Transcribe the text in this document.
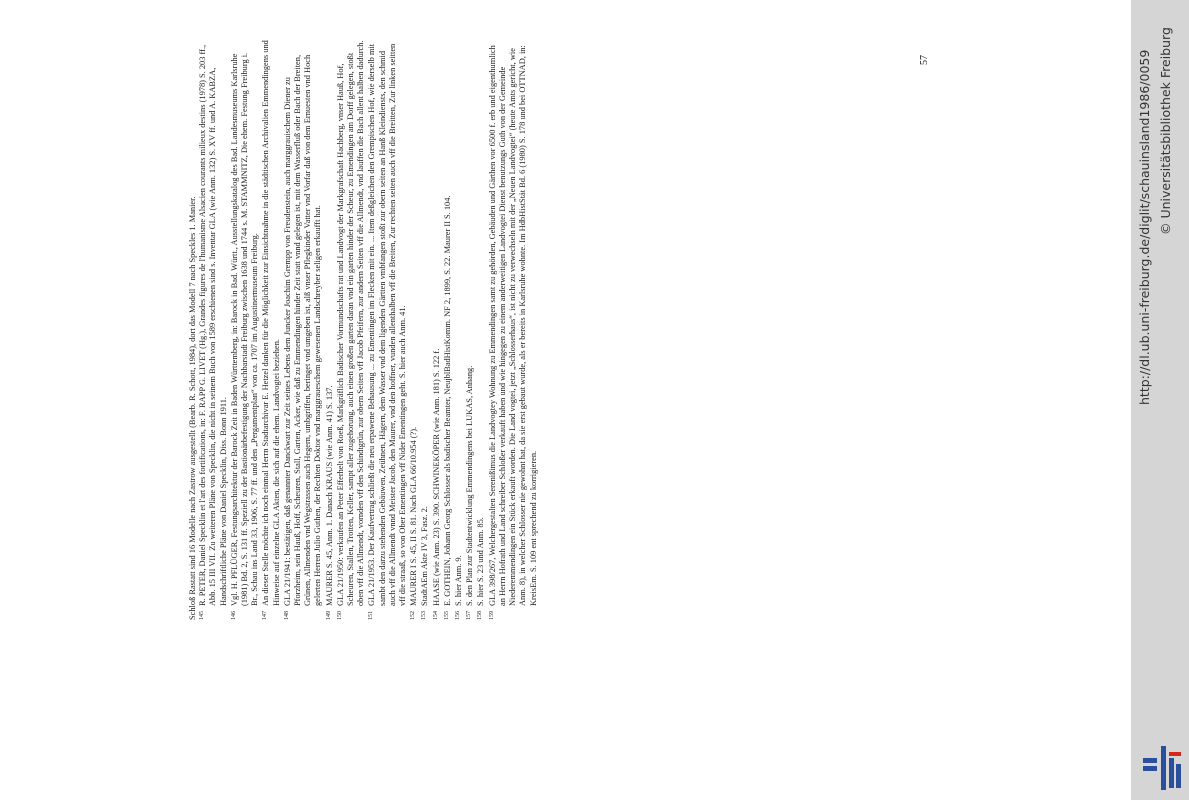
Schloß Rastatt sind 16 Modelle nach Zastrow ausgestellt (Bearb. R. Schott, 1984), dort das Modell 7 nach Speckles 1. Manier. 145
R. PETER, Daniel Specklin et l'art des fortifications, in: F. RAPP G. LIVET (Hg.), Grandes figures de l'humanisme Alsacien courants milieux destins (1978) S. 203 ff., Abb. 15 III VII. Zu weiteren Pläne von Specklin, die nicht in seinem Buch von 1589 erschienen sind s. Inventar GLA (wie Anm. 132) S. XV ff. und A. KABZA, Handschriftliche Pläne von Daniel Specklin, Diss. Bonn 1911.
146
Vgl. H. PFLÜGER, Festungsarchitektur der Barock Zeit in Baden Württemberg, in: Barock in Bad. Württ., Ausstellungskatalog des Bad. Landesmuseums Karlsruhe (1981) Bd. 2, S. 131 ff. Speziell zu der Bastionärbefestigung der Nachbarstadt Freiburg zwischen 1638 und 1744 s. M. STAMMNITZ, Die ehem. Festung Freiburg i. Br., Schau ins Land 33, 1906, S. 77 ff. und den „Pergamentplan“ von ca. 1707 im Augustinermuseum Freiburg.
147
An dieser Stelle möchte ich noch einmal Herrn Stadtarchivar E. Hetzel danken für die Möglichkeit zur Einsichtnahme in die städtischen Archivalien Emmendingens und Hinweise auf einzelne GLA Akten, die sich auf die ehem. Landvogtei beziehen.
148
GLA 21/1941: bestätigen, daß genannter Danckwart zur Zeit seines Lebens dem Juncker Joachim Grempp von Freudenstein, auch marggrauischem Diener zu Pforzheim, sein Hauß, Hoff, Scheuren, Stall, Garten, Acker, wie daß zu Emmendingen hinder Zeit statt vnnd gelegen ist, mit dem Wasserfluß oder Bach der Breiten, Grünen, Allmenden vnd Wegstrassen auch Hegern, umbgriffen, beringet vnd umgeben ist, alß vnser Pflegkinder Vatter vnd Vorfar daß von dem Ernuesten vnd Hoch gelerten Herren Julio Guthen, der Rechten Doktor vnd marggraueschem gewesenen Landschreyber seligen erkaufft hat.
149
MAURER S. 45, Anm. 1. Danach KRAUS (wie Anm. 41) S. 137.
150
GLA 21/1950: verkaufen an Peter Efferhelt von Roeß, Markgräflich Badischer Vormundschafts rat und Landvogt der Markgrafschaft Hachberg, vnser Hauß, Hof, Scheuren, Stallen, Trotten, Keller, sampt aller zugehorung, auch einen großen garten daran vnd ein garten hinder der Scheur, zu Emendingen am Dorff gelegen, stoßt oben vff die Allmendt, vornden vff den Schindtgrün, zur obern Seiten vff Jacob Pfeifern, zur andern Seiten vff die Allmendt, vnd lauffen die Bach allent halben dadurch.
151
GLA 21/1953. Der Kaufvertrag schließt die neu erpawene Behausung ... zu Ementingen im Flecken mit ein. ... Item deßgleichen den Grempischen Hof, wie derselb mit sambt den darzu stehenden Gebäuwen, Zeühnen, Hägern, dem Wasser vnd dem ligenden Gärtten vmbfangen stoßt zur obern seiten an Hanß Kleindiensts, den schmid auch vff die Allmendt vnnd Meister Jacob, den Maurer, vnd den hoffner, vunden allenthalben vff die Breiten, Zur rechten seiten auch vff die Breitten, Zur linken seitten vff die straaß, so von Ober Ementingen vff Nider Ementingen geht. S. hier auch Anm. 41.
152
MAURER I S. 45, II S. 81. Nach GLA 66/10.954 (?).
153
StadtAEm Akte IV 3, Fasz. 2.
154
HAASE (wie Anm. 23) S. 390. SCHWINEKÖPER (wie Anm. 181) S. 122 f.
155
E. GOTHEIN, Johann Georg Schlosser als badischer Beamter, NeujblBadHistKomm. NF 2, 1899, S. 22. Maurer II S. 104.
156
S. hier Anm. 9.
157
S. den Plan zur Stadtentwicklung Emmendingens bei LUKAS, Anhang.
158
S. hier S. 23 und Anm. 85.
159
GLA 398/267, Welchergestalten Serenißimus die Landvogtey Wohnung zu Emmendingen samt zu gehörden, Gebäuden und Gärthen vor 6500 f. erb und eigenthumlich an Herrn Hofrath und Land schreiber Schloßer verkauft haben und wie hingegen zu einem anderweitigen Landvogtei Dienst benutzungs Guth von der Gemeinde Niederemmendingen ein Stück erkauft worden. Die Land vogtei, jetzt „Schlosserhaus“, ist nicht zu verwechseln mit der „Neuen Landvogtei“ (heute Amts gericht, wie Anm. 8), in welcher Schlosser nie gewohnt hat, da sie erst gebaut wurde, als er bereits in Karlsruhe wohnte. Im HdbHistStät Bd. 6 (1980) S. 178 und bei OTTNAD, in: KreisEm. S. 109 ent sprechend zu korrigieren.
57	http://dl.ub.uni-freiburg.de/diglit/schauinsland1986/0059 © Universitätsbibliothek Freiburg
